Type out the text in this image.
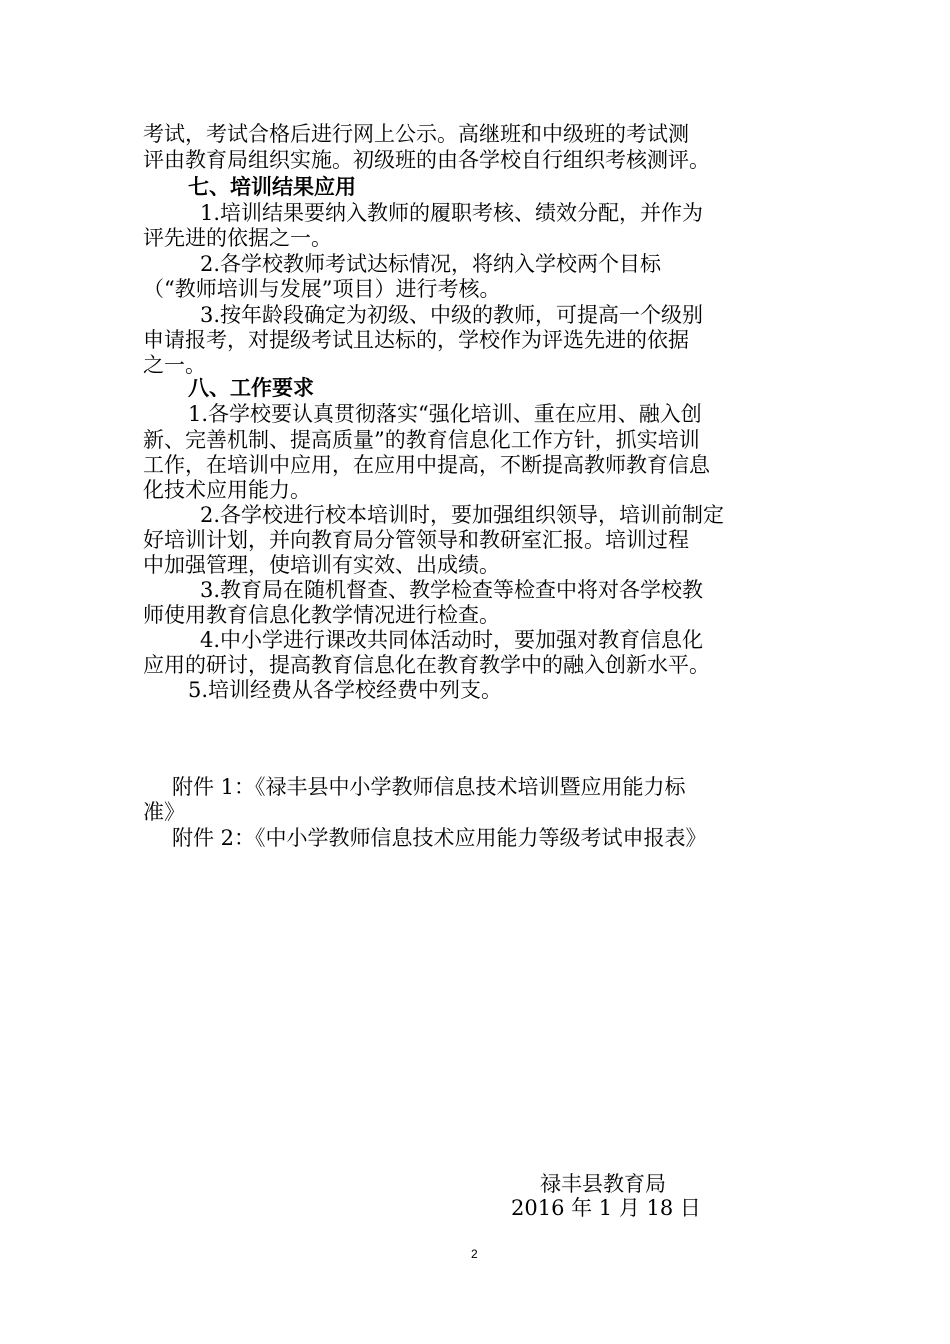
考试，考试合格后进行网上公示。高继班和中级班的考试测
评由教育局组织实施。初级班的由各学校自行组织考核测评。
七、培训结果应用
1.培训结果要纳入教师的履职考核、绩效分配，并作为
评先进的依据之一。
2.各学校教师考试达标情况，将纳入学校两个目标
（“教师培训与发展”项目）进行考核。
3.按年龄段确定为初级、中级的教师，可提高一个级别
申请报考，对提级考试且达标的，学校作为评选先进的依据
之一。
八、工作要求
1.各学校要认真贯彻落实“强化培训、重在应用、融入创
新、完善机制、提高质量”的教育信息化工作方针，抓实培训
工作，在培训中应用，在应用中提高，不断提高教师教育信息
化技术应用能力。
2.各学校进行校本培训时，要加强组织领导，培训前制定
好培训计划，并向教育局分管领导和教研室汇报。培训过程
中加强管理，使培训有实效、出成绩。
3.教育局在随机督查、教学检查等检查中将对各学校教
师使用教育信息化教学情况进行检查。
4.中小学进行课改共同体活动时，要加强对教育信息化
应用的研讨，提高教育信息化在教育教学中的融入创新水平。
5.培训经费从各学校经费中列支。
附件 1：《禄丰县中小学教师信息技术培训暨应用能力标
准》
附件 2：《中小学教师信息技术应用能力等级考试申报表》
禄丰县教育局
2016 年 1 月 18 日
2
